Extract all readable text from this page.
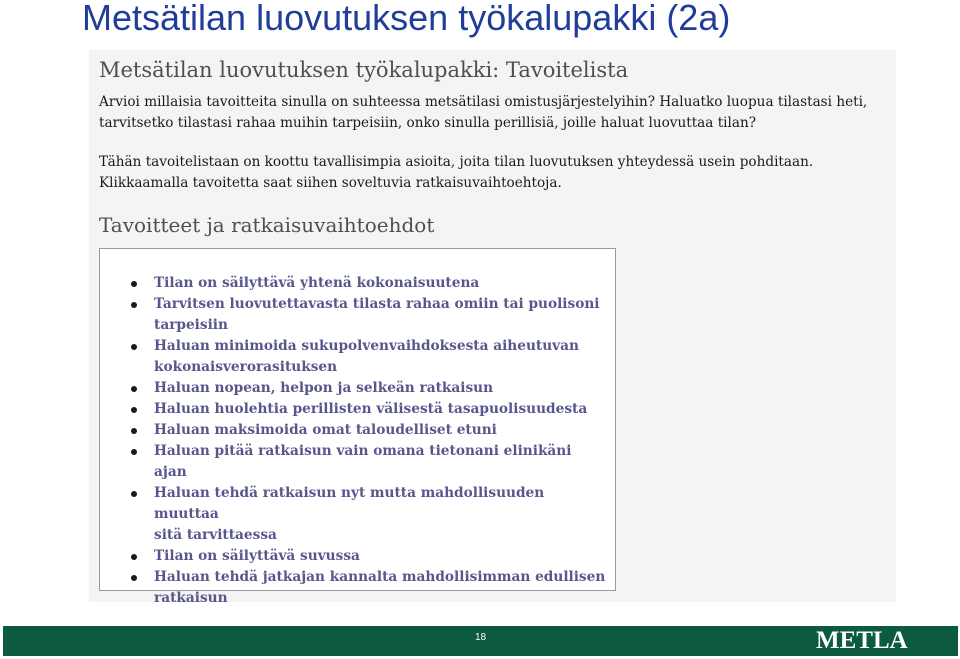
Metsätilan luovutuksen työkalupakki (2a)
Metsätilan luovutuksen työkalupakki: Tavoitelista

Arvioi millaisia tavoitteita sinulla on suhteessa metsätilasi omistusjärjestelyihin? Haluatko luopua tilastasi heti,
tarvitsetko tilastasi rahaa muihin tarpeisiin, onko sinulla perillisiä, joille haluat luovuttaa tilan?

Tähän tavoitelistaan on koottu tavallisimpia asioita, joita tilan luovutuksen yhteydessä usein pohditaan.
Klikkaamalla tavoitetta saat siihen soveltuvia ratkaisuvaihtoehtoja.

Tavoitteet ja ratkaisuvaihtoehdot
Tilan on säilyttävä yhtenä kokonaisuutena
Tarvitsen luovutettavasta tilasta rahaa omiin tai puolisoni
tarpeisiin
Haluan minimoida sukupolvenvaihdoksesta aiheutuvan
kokonaisverorasituksen
Haluan nopean, helpon ja selkeän ratkaisun
Haluan huolehtia perillisten välisestä tasapuolisuudesta
Haluan maksimoida omat taloudelliset etuni
Haluan pitää ratkaisun vain omana tietonani elinikäni ajan
Haluan tehdä ratkaisun nyt mutta mahdollisuuden muuttaa
sitä tarvittaessa
Tilan on säilyttävä suvussa
Haluan tehdä jatkajan kannalta mahdollisimman edullisen
ratkaisun
18	METLA
